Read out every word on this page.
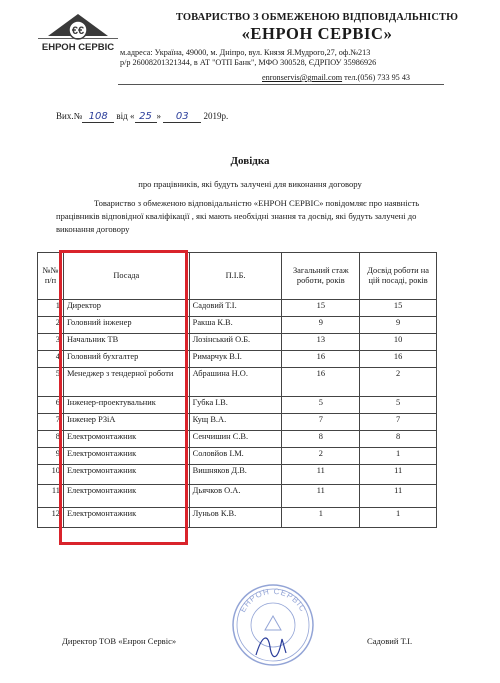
€€
ЕНРОН СЕРВІС
ТОВАРИСТВО З ОБМЕЖЕНОЮ ВІДПОВІДАЛЬНІСТЮ
«ЕНРОН СЕРВІС»
м.адреса: Україна, 49000, м. Дніпро, вул. Князя Я.Мудрого,27, оф.№213
р/р 26008201321344, в АТ "ОТП Банк", МФО 300528, ЄДРПОУ 35986926
enronservis@gmail.com тел.(056) 733 95 43
Вих.№ 108 від « 25 » 03 2019р.
Довідка
про працівників, які будуть залучені для виконання договору

Товариство з обмеженою відповідальністю «ЕНРОН СЕРВІС» повідомляє про наявність працівників відповідної кваліфікації , які мають необхідні знання та досвід, які будуть залучені до виконання договору

№№ п/п	Посада	П.І.Б.	Загальний стаж роботи, років	Досвід роботи на цій посаді, років
1	Директор	Садовий Т.І.	15	15
2	Головний інженер	Ракша К.В.	9	9
3	Начальник ТВ	Лозінський О.Б.	13	10
4	Головний бухгалтер	Римарчук В.І.	16	16
5	Менеджер з тендерної роботи	Абрашина Н.О.	16	2
6	Інженер-проектувальник	Губка І.В.	5	5
7	Інженер РЗіА	Кущ В.А.	7	7
8	Електромонтажник	Сенчишин С.В.	8	8
9	Електромонтажник	Соловйов І.М.	2	1
10	Електромонтажник	Вишняков Д.В.	11	11
11	Електромонтажник	Дьячков О.А.	11	11
12	Електромонтажник	Луньов К.В.	1	1
ЕНРОН СЕРВІС
Директор ТОВ «Енрон Сервіс»	Садовий Т.І.
